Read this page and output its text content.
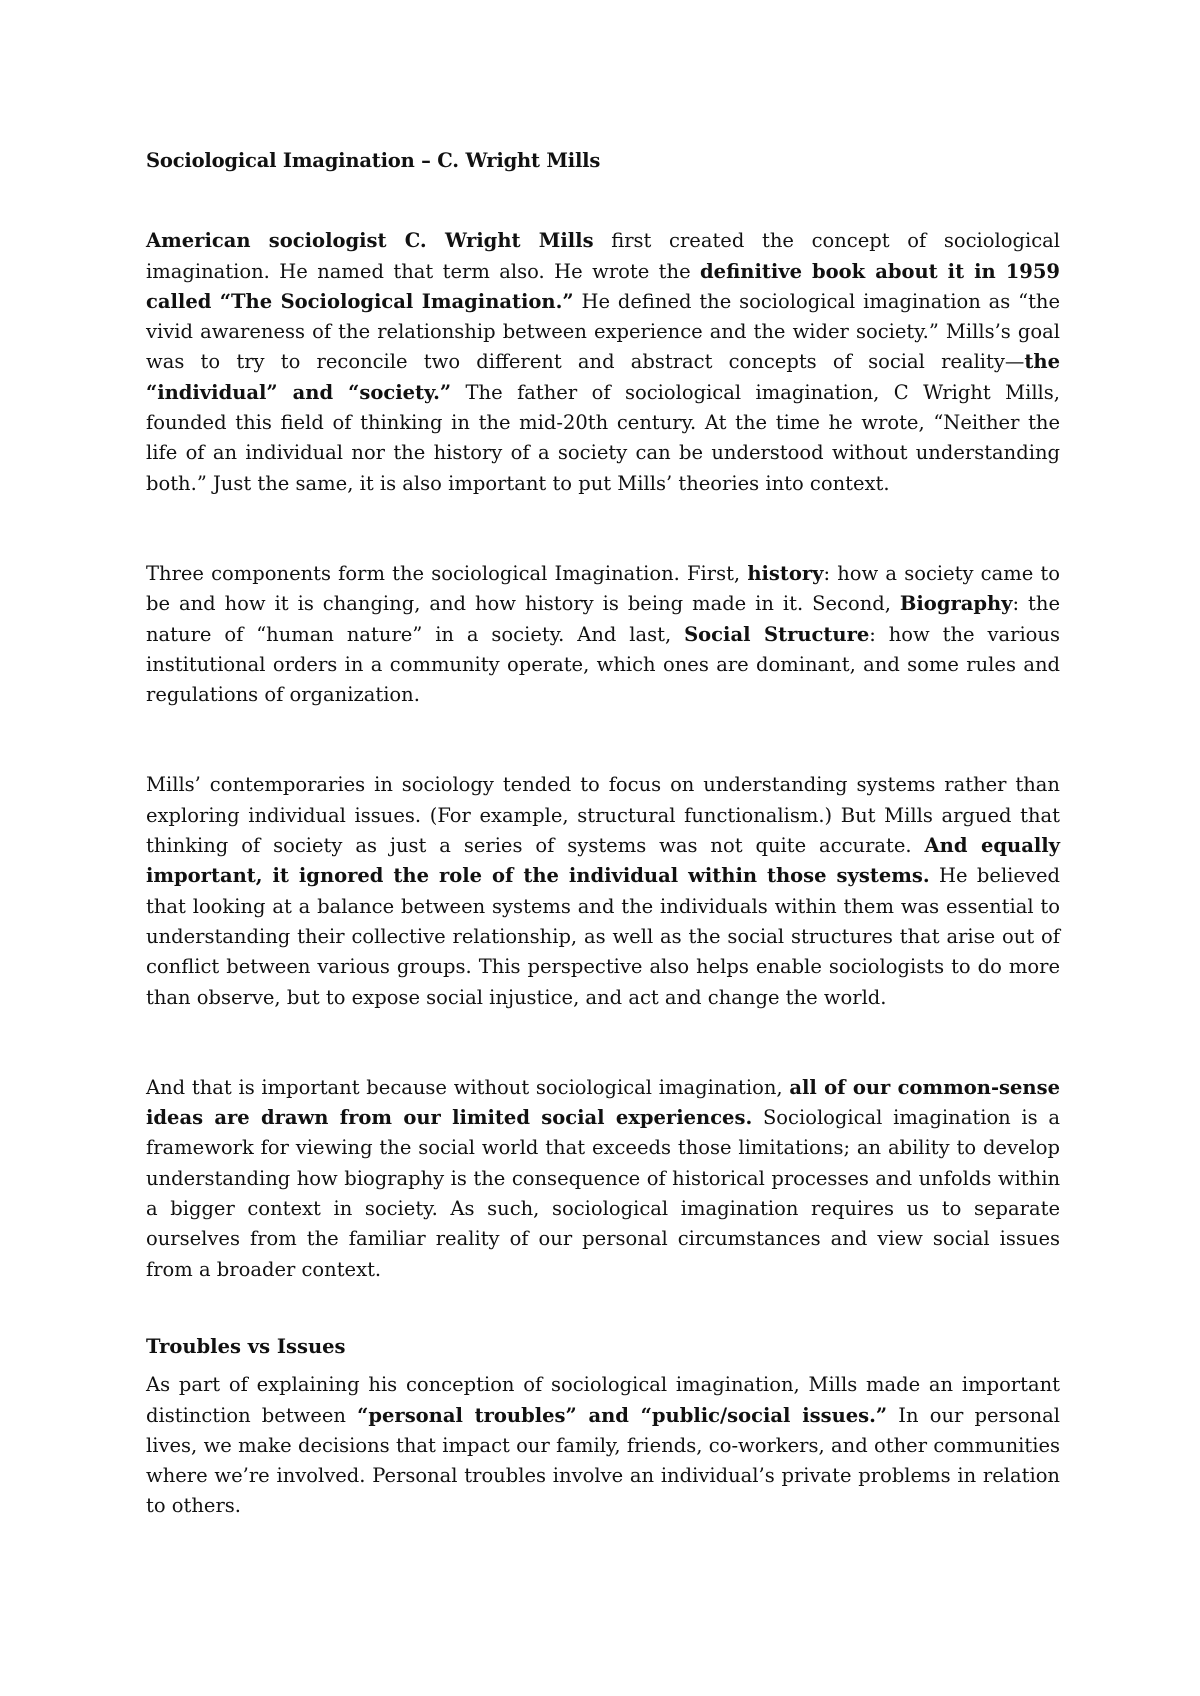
Sociological Imagination – C. Wright Mills

American sociologist C. Wright Mills first created the concept of sociological imagination. He named that term also. He wrote the definitive book about it in 1959 called “The Sociological Imagination.” He defined the sociological imagination as “the vivid awareness of the relationship between experience and the wider society.” Mills’s goal was to try to reconcile two different and abstract concepts of social reality—the “individual” and “society.” The father of sociological imagination, C Wright Mills, founded this field of thinking in the mid-20th century. At the time he wrote, “Neither the life of an individual nor the history of a society can be understood without understanding both.” Just the same, it is also important to put Mills’ theories into context.

Three components form the sociological Imagination. First, history: how a society came to be and how it is changing, and how history is being made in it. Second, Biography: the nature of “human nature” in a society. And last, Social Structure: how the various institutional orders in a community operate, which ones are dominant, and some rules and regulations of organization.

Mills’ contemporaries in sociology tended to focus on understanding systems rather than exploring individual issues. (For example, structural functionalism.) But Mills argued that thinking of society as just a series of systems was not quite accurate. And equally important, it ignored the role of the individual within those systems. He believed that looking at a balance between systems and the individuals within them was essential to understanding their collective relationship, as well as the social structures that arise out of conflict between various groups. This perspective also helps enable sociologists to do more than observe, but to expose social injustice, and act and change the world.

And that is important because without sociological imagination, all of our common-sense ideas are drawn from our limited social experiences. Sociological imagination is a framework for viewing the social world that exceeds those limitations; an ability to develop understanding how biography is the consequence of historical processes and unfolds within a bigger context in society. As such, sociological imagination requires us to separate ourselves from the familiar reality of our personal circumstances and view social issues from a broader context.

Troubles vs Issues

As part of explaining his conception of sociological imagination, Mills made an important distinction between “personal troubles” and “public/social issues.” In our personal lives, we make decisions that impact our family, friends, co-workers, and other communities where we’re involved. Personal troubles involve an individual’s private problems in relation to others.
